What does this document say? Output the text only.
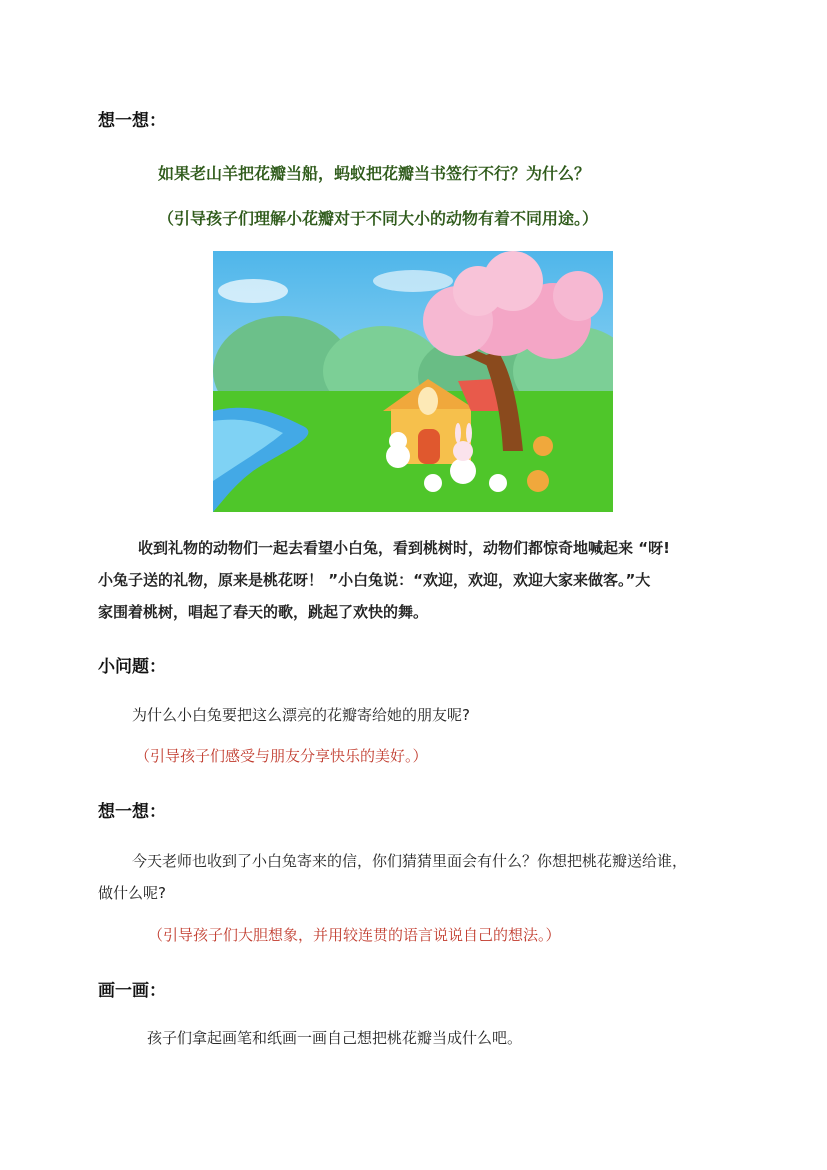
想一想：
如果老山羊把花瓣当船，蚂蚁把花瓣当书签行不行？为什么？
（引导孩子们理解小花瓣对于不同大小的动物有着不同用途。）
收到礼物的动物们一起去看望小白兔，看到桃树时，动物们都惊奇地喊起来 “呀!
小兔子送的礼物，原来是桃花呀！ ”小白兔说：“欢迎，欢迎，欢迎大家来做客。”大
家围着桃树，唱起了春天的歌，跳起了欢快的舞。
小问题：
为什么小白兔要把这么漂亮的花瓣寄给她的朋友呢?
（引导孩子们感受与朋友分享快乐的美好。）
想一想：
今天老师也收到了小白兔寄来的信，你们猜猜里面会有什么？你想把桃花瓣送给谁，
做什么呢?
（引导孩子们大胆想象，并用较连贯的语言说说自己的想法。）
画一画：
孩子们拿起画笔和纸画一画自己想把桃花瓣当成什么吧。
